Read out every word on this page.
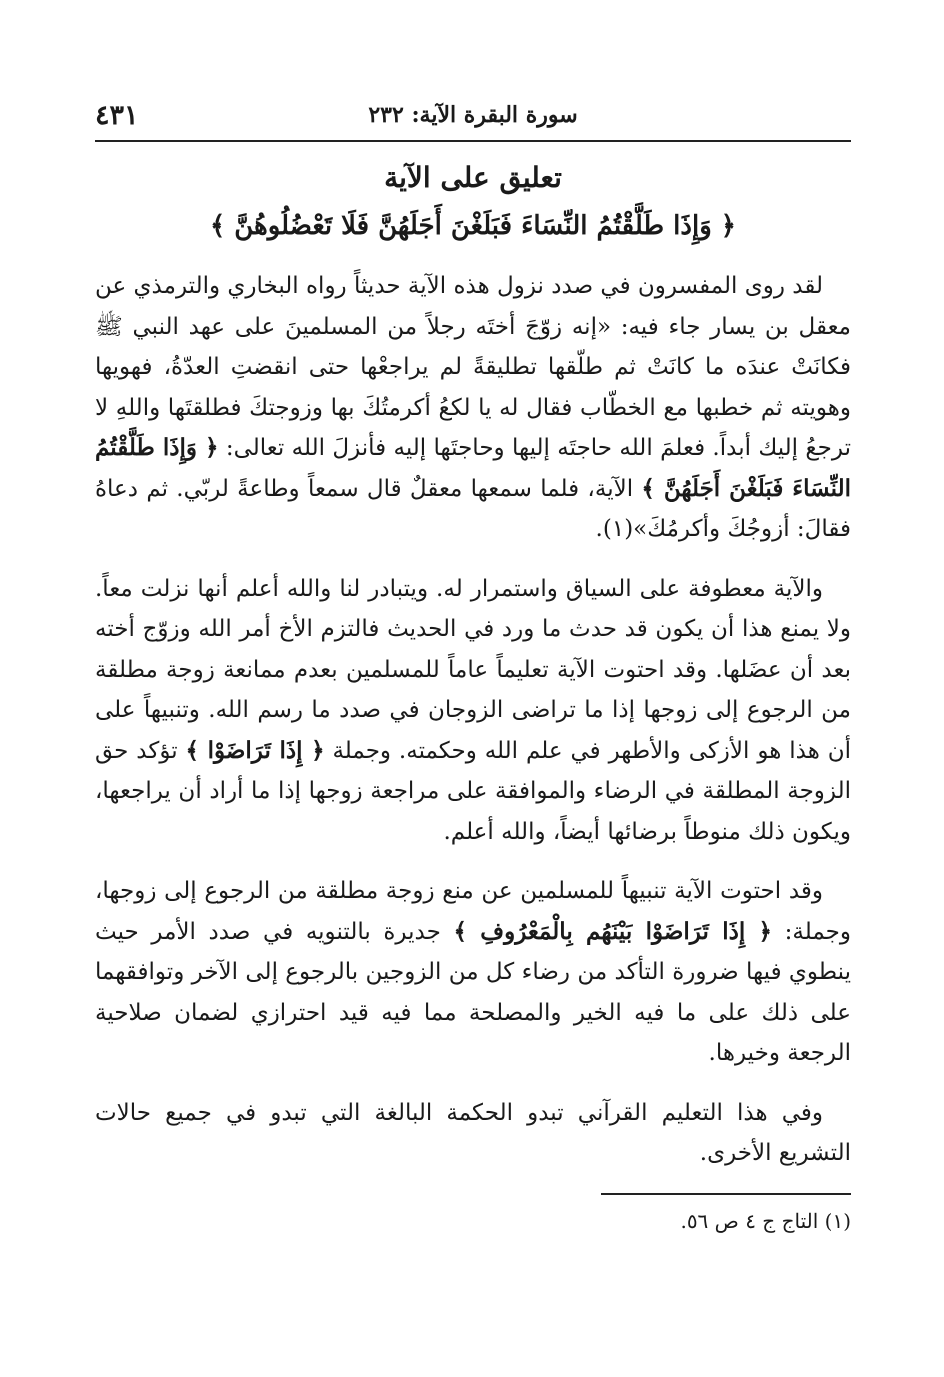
سورة البقرة الآية: ٢٣٢
٤٣١
تعليق على الآية
﴿ وَإِذَا طَلَّقْتُمُ النِّسَاءَ فَبَلَغْنَ أَجَلَهُنَّ فَلَا تَعْضُلُوهُنَّ ﴾

لقد روى المفسرون في صدد نزول هذه الآية حديثاً رواه البخاري والترمذي عن معقل بن يسار جاء فيه: «إنه زوّجَ أختَه رجلاً من المسلمينَ على عهد النبي ﷺ فكانَتْ عندَه ما كانَتْ ثم طلّقها تطليقةً لم يراجعْها حتى انقضتِ العدّةُ، فهويها وهويته ثم خطبها مع الخطّاب فقال له يا لكعُ أكرمتُكَ بها وزوجتكَ فطلقتَها واللهِ لا ترجعُ إليك أبداً. فعلمَ الله حاجتَه إليها وحاجتَها إليه فأنزلَ الله تعالى: ﴿ وَإِذَا طَلَّقْتُمُ النِّسَاءَ فَبَلَغْنَ أَجَلَهُنَّ ﴾ الآية، فلما سمعها معقلٌ قال سمعاً وطاعةً لربّي. ثم دعاهُ فقالَ: أزوجُكَ وأكرمُكَ»(١).

والآية معطوفة على السياق واستمرار له. ويتبادر لنا والله أعلم أنها نزلت معاً. ولا يمنع هذا أن يكون قد حدث ما ورد في الحديث فالتزم الأخ أمر الله وزوّج أخته بعد أن عضَلها. وقد احتوت الآية تعليماً عاماً للمسلمين بعدم ممانعة زوجة مطلقة من الرجوع إلى زوجها إذا ما تراضى الزوجان في صدد ما رسم الله. وتنبيهاً على أن هذا هو الأزكى والأطهر في علم الله وحكمته. وجملة ﴿ إِذَا تَرَاضَوْا ﴾ تؤكد حق الزوجة المطلقة في الرضاء والموافقة على مراجعة زوجها إذا ما أراد أن يراجعها، ويكون ذلك منوطاً برضائها أيضاً، والله أعلم.

وقد احتوت الآية تنبيهاً للمسلمين عن منع زوجة مطلقة من الرجوع إلى زوجها، وجملة: ﴿ إِذَا تَرَاضَوْا بَيْنَهُم بِالْمَعْرُوفِ ﴾ جديرة بالتنويه في صدد الأمر حيث ينطوي فيها ضرورة التأكد من رضاء كل من الزوجين بالرجوع إلى الآخر وتوافقهما على ذلك على ما فيه الخير والمصلحة مما فيه قيد احترازي لضمان صلاحية الرجعة وخيرها.

وفي هذا التعليم القرآني تبدو الحكمة البالغة التي تبدو في جميع حالات التشريع الأخرى.

(١) التاج ج ٤ ص ٥٦.
